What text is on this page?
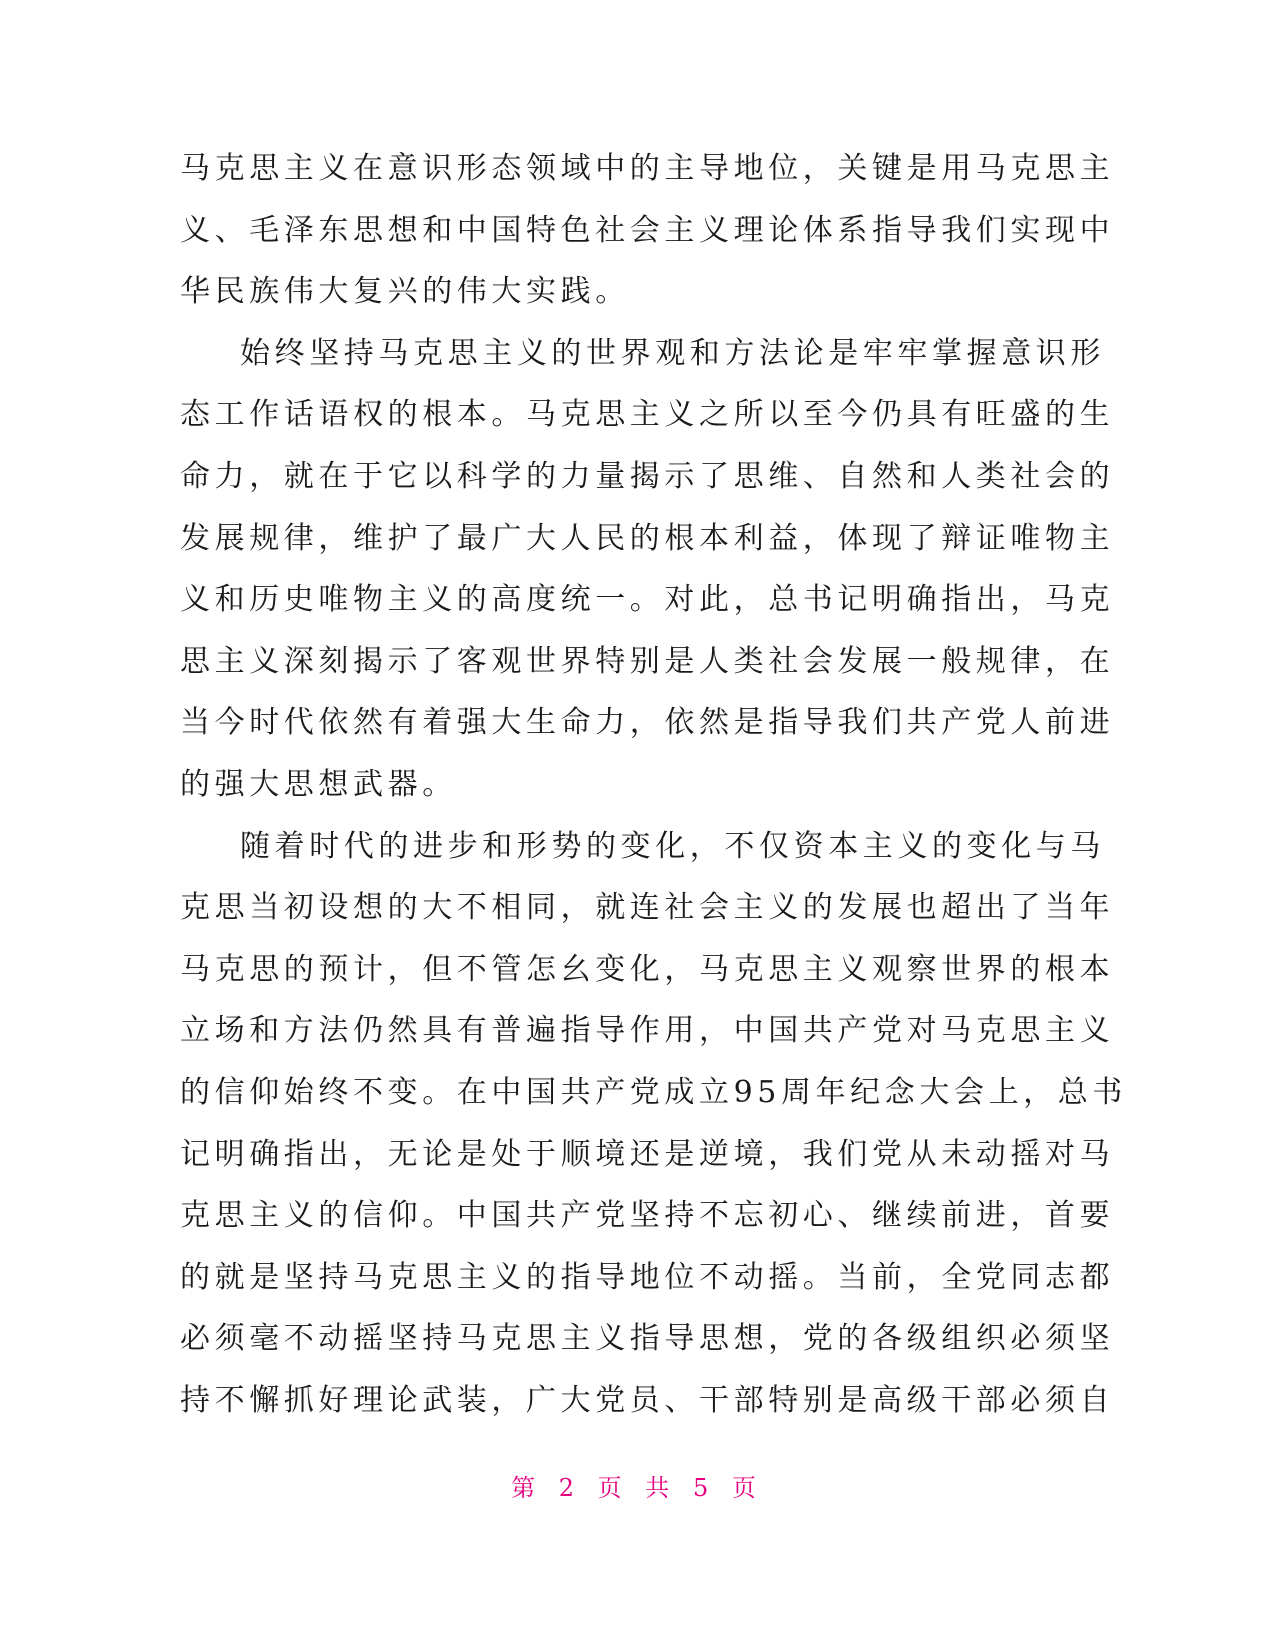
马克思主义在意识形态领域中的主导地位，关键是用马克思主
义、毛泽东思想和中国特色社会主义理论体系指导我们实现中
华民族伟大复兴的伟大实践。
始终坚持马克思主义的世界观和方法论是牢牢掌握意识形
态工作话语权的根本。马克思主义之所以至今仍具有旺盛的生
命力，就在于它以科学的力量揭示了思维、自然和人类社会的
发展规律，维护了最广大人民的根本利益，体现了辩证唯物主
义和历史唯物主义的高度统一。对此，总书记明确指出，马克
思主义深刻揭示了客观世界特别是人类社会发展一般规律，在
当今时代依然有着强大生命力，依然是指导我们共产党人前进
的强大思想武器。
随着时代的进步和形势的变化，不仅资本主义的变化与马
克思当初设想的大不相同，就连社会主义的发展也超出了当年
马克思的预计，但不管怎幺变化，马克思主义观察世界的根本
立场和方法仍然具有普遍指导作用，中国共产党对马克思主义
的信仰始终不变。在中国共产党成立95周年纪念大会上，总书
记明确指出，无论是处于顺境还是逆境，我们党从未动摇对马
克思主义的信仰。中国共产党坚持不忘初心、继续前进，首要
的就是坚持马克思主义的指导地位不动摇。当前，全党同志都
必须毫不动摇坚持马克思主义指导思想，党的各级组织必须坚
持不懈抓好理论武装，广大党员、干部特别是高级干部必须自
第 2 页 共 5 页
